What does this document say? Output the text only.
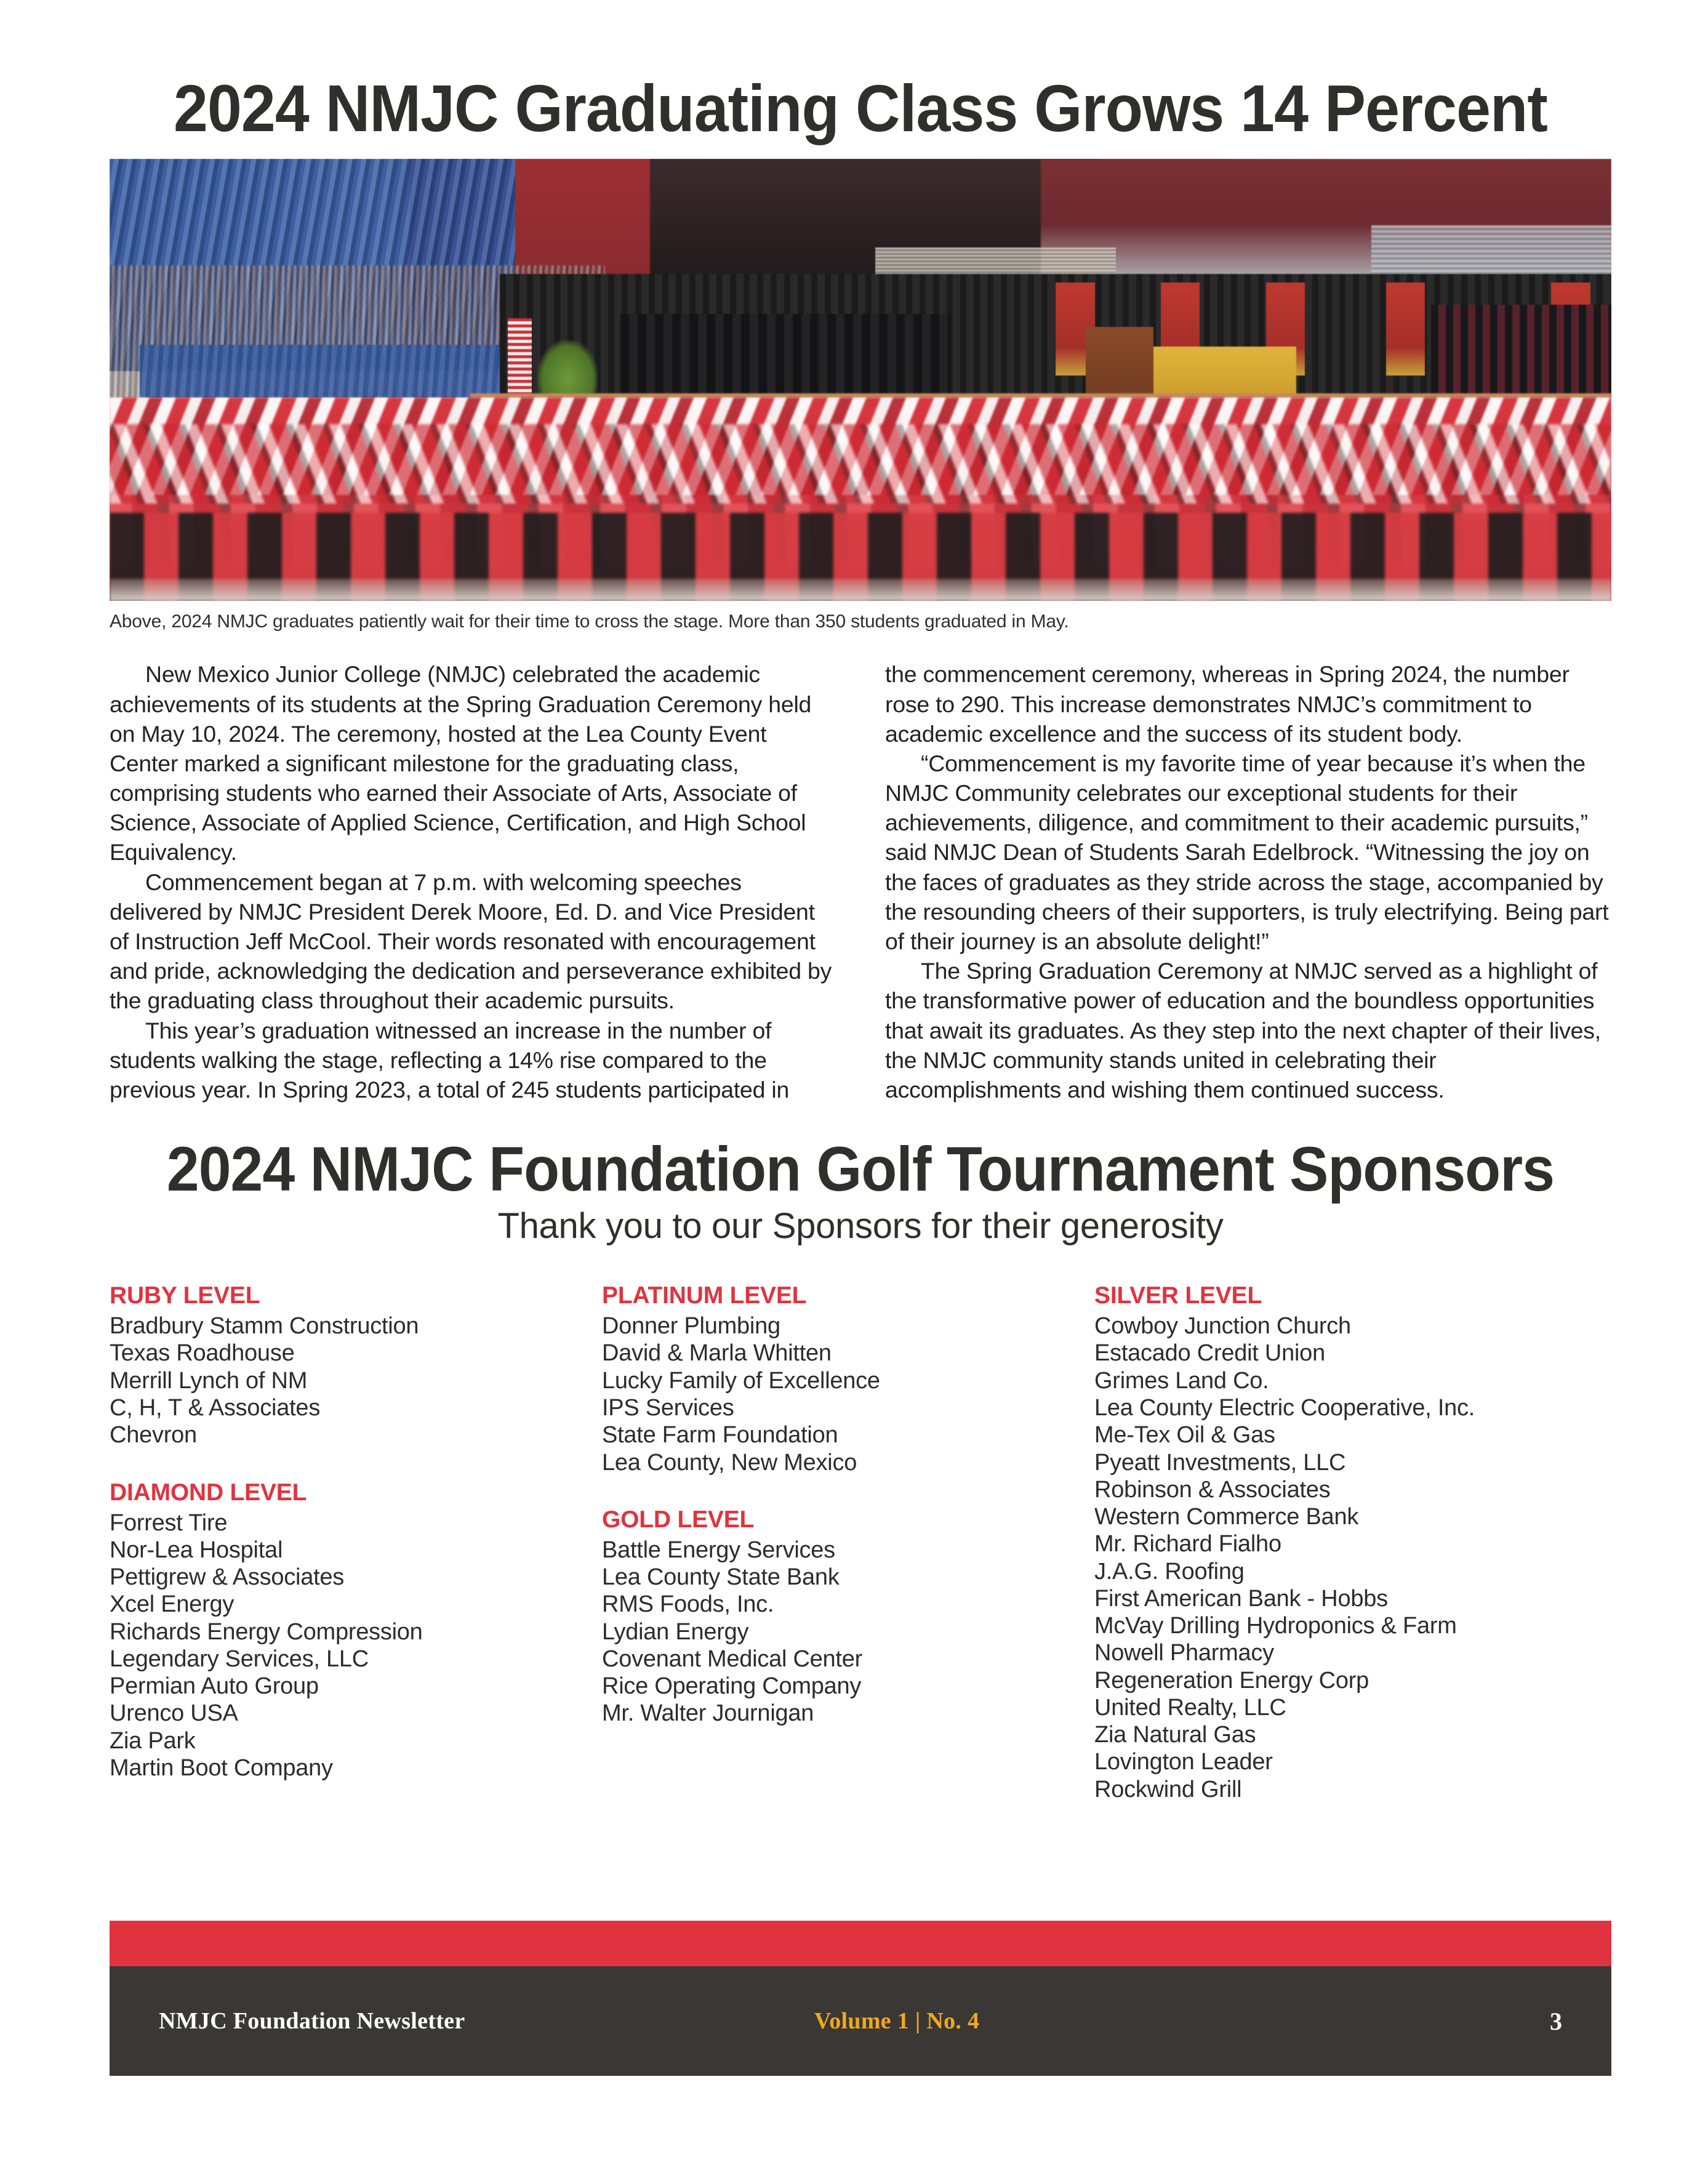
2024 NMJC Graduating Class Grows 14 Percent

Above, 2024 NMJC graduates patiently wait for their time to cross the stage. More than 350 students graduated in May.

New Mexico Junior College (NMJC) celebrated the academic achievements of its students at the Spring Graduation Ceremony held on May 10, 2024. The ceremony, hosted at the Lea County Event Center marked a significant milestone for the graduating class, comprising students who earned their Associate of Arts, Associate of Science, Associate of Applied Science, Certification, and High School Equivalency.

Commencement began at 7 p.m. with welcoming speeches delivered by NMJC President Derek Moore, Ed. D. and Vice President of Instruction Jeff McCool. Their words resonated with encouragement and pride, acknowledging the dedication and perseverance exhibited by the graduating class throughout their academic pursuits.

This year’s graduation witnessed an increase in the number of students walking the stage, reflecting a 14% rise compared to the previous year. In Spring 2023, a total of 245 students participated in

the commencement ceremony, whereas in Spring 2024, the number rose to 290. This increase demonstrates NMJC’s commitment to academic excellence and the success of its student body.

“Commencement is my favorite time of year because it’s when the NMJC Community celebrates our exceptional students for their achievements, diligence, and commitment to their academic pursuits,” said NMJC Dean of Students Sarah Edelbrock. “Witnessing the joy on the faces of graduates as they stride across the stage, accompanied by the resounding cheers of their supporters, is truly electrifying. Being part of their journey is an absolute delight!”

The Spring Graduation Ceremony at NMJC served as a highlight of the transformative power of education and the boundless opportunities that await its graduates. As they step into the next chapter of their lives, the NMJC community stands united in celebrating their accomplishments and wishing them continued success.

2024 NMJC Foundation Golf Tournament Sponsors

Thank you to our Sponsors for their generosity

RUBY LEVEL
Bradbury Stamm Construction
Texas Roadhouse
Merrill Lynch of NM
C, H, T & Associates
Chevron
DIAMOND LEVEL
Forrest Tire
Nor-Lea Hospital
Pettigrew & Associates
Xcel Energy
Richards Energy Compression
Legendary Services, LLC
Permian Auto Group
Urenco USA
Zia Park
Martin Boot Company
PLATINUM LEVEL
Donner Plumbing
David & Marla Whitten
Lucky Family of Excellence
IPS Services
State Farm Foundation
Lea County, New Mexico
GOLD LEVEL
Battle Energy Services
Lea County State Bank
RMS Foods, Inc.
Lydian Energy
Covenant Medical Center
Rice Operating Company
Mr. Walter Journigan
SILVER LEVEL
Cowboy Junction Church
Estacado Credit Union
Grimes Land Co.
Lea County Electric Cooperative, Inc.
Me-Tex Oil & Gas
Pyeatt Investments, LLC
Robinson & Associates
Western Commerce Bank
Mr. Richard Fialho
J.A.G. Roofing
First American Bank - Hobbs
McVay Drilling Hydroponics & Farm
Nowell Pharmacy
Regeneration Energy Corp
United Realty, LLC
Zia Natural Gas
Lovington Leader
Rockwind Grill
NMJC Foundation Newsletter	Volume 1 | No. 4	3
